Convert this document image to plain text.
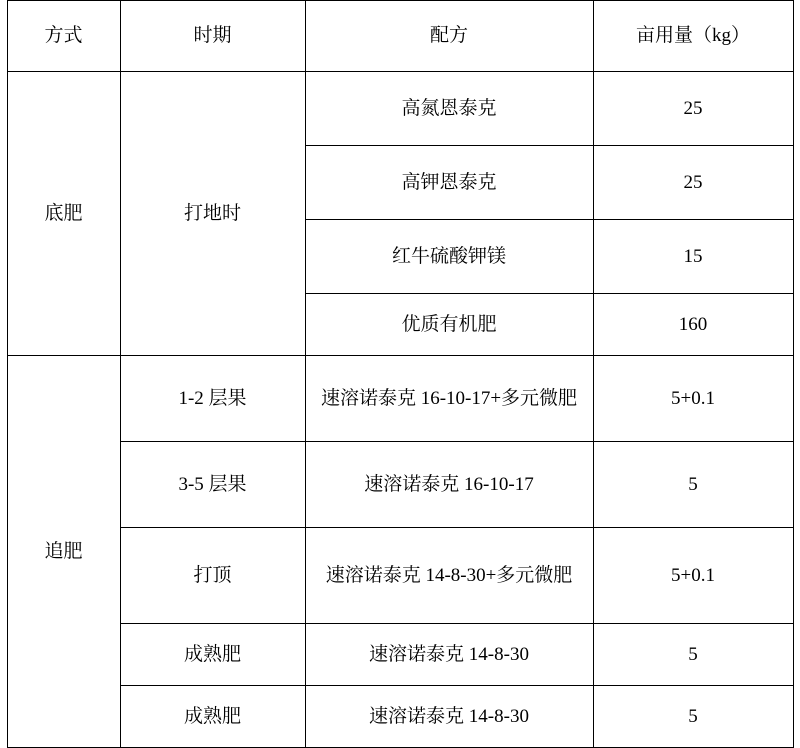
方式	时期	配方	亩用量（kg）
底肥	打地时	高氮恩泰克	25
		高钾恩泰克	25
		红牛硫酸钾镁	15
		优质有机肥	160
追肥	1-2 层果	速溶诺泰克 16-10-17+多元微肥	5+0.1
	3-5 层果	速溶诺泰克 16-10-17	5
	打顶	速溶诺泰克 14-8-30+多元微肥	5+0.1
	成熟肥	速溶诺泰克 14-8-30	5
	成熟肥	速溶诺泰克 14-8-30	5
